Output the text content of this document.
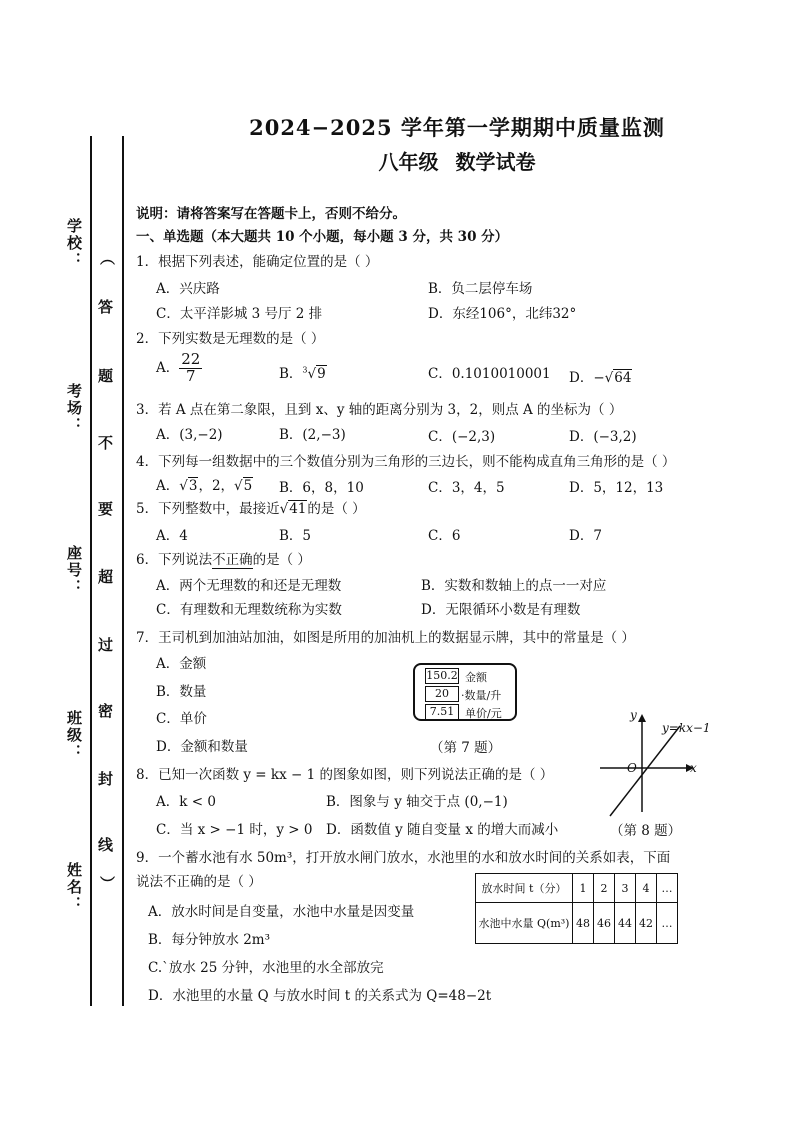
2024−2025 学年第一学期期中质量监测
八年级 数学试卷
学校：
考场：
座号：
班级：
姓名：
（
答
题
不
要
超
过
密
封
线
）
说明：请将答案写在答题卡上，否则不给分。
一、单选题（本大题共 10 个小题，每小题 3 分，共 30 分）
1．根据下列表述，能确定位置的是（ ）
A．兴庆路	B．负二层停车场
C．太平洋影城 3 号厅 2 排	D．东经106°，北纬32°
2．下列实数是无理数的是（ ）
A． $\frac{22}{7}$	B．$^3$√9	C．0.1010010001 D．−√64
3．若 A 点在第二象限，且到 x、y 轴的距离分别为 3，2，则点 A 的坐标为（ ）
A．(3,−2)	B．(2,−3)	C．(−2,3)	D．(−3,2)
4．下列每一组数据中的三个数值分别为三角形的三边长，则不能构成直角三角形的是（ ）
A．√3，2，√5 B．6，8，10	C．3，4，5	D．5，12，13
5．下列整数中，最接近√41的是（ ）
A．4	B．5	C．6	D．7
6．下列说法不正确的是（ ）
A．两个无理数的和还是无理数	B．实数和数轴上的点一一对应
C．有理数和无理数统称为实数	D．无限循环小数是有理数
7．王司机到加油站加油，如图是所用的加油机上的数据显示牌，其中的常量是（ ）
A．金额
B．数量
C．单价
D．金额和数量
150.2 金额
20	·数量/升
7.51 单价/元
（第 7 题）
y
y=kx−1
O	x
8．已知一次函数 y = kx − 1 的图象如图，则下列说法正确的是（ ）
A．k < 0	B．图象与 y 轴交于点 (0,−1)
C．当 x > −1 时，y > 0 D．函数值 y 随自变量 x 的增大而减小	（第 8 题）
9．一个蓄水池有水 50m³，打开放水闸门放水，水池里的水和放水时间的关系如表，下面
说法不正确的是（ ）	放水时间 t（分）	1	2	3	4	…
水池中水量 Q(m³)	48	46	44	42	…
A．放水时间是自变量，水池中水量是因变量
B．每分钟放水 2m³
C.`放水 25 分钟，水池里的水全部放完
D．水池里的水量 Q 与放水时间 t 的关系式为 Q=48−2t
